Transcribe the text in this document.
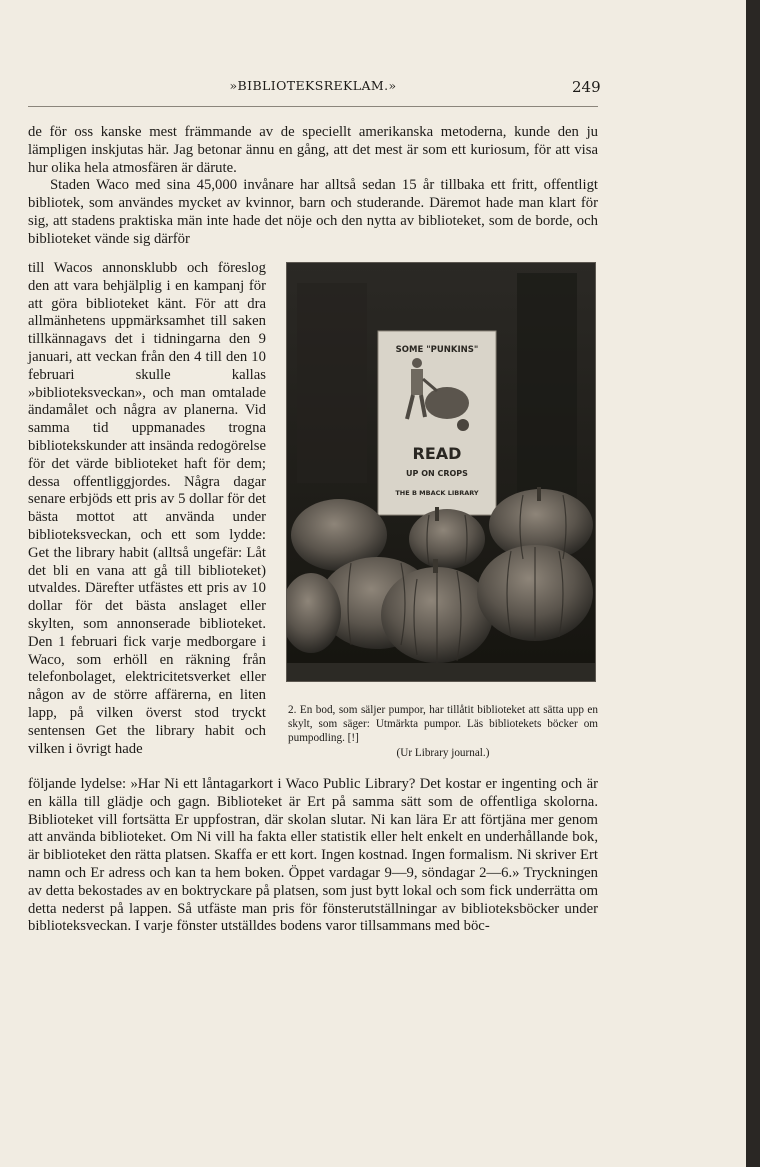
»BIBLIOTEKSREKLAM.»	249

de för oss kanske mest främmande av de speciellt amerikanska metoderna, kunde den ju lämpligen inskjutas här. Jag betonar ännu en gång, att det mest är som ett kuriosum, för att visa hur olika hela atmosfären är därute.

Staden Waco med sina 45,000 invånare har alltså sedan 15 år tillbaka ett fritt, offentligt bibliotek, som användes mycket av kvinnor, barn och studerande. Däremot hade man klart för sig, att stadens praktiska män inte hade det nöje och den nytta av biblioteket, som de borde, och biblioteket vände sig därför

till Wacos annonsklubb och föreslog den att vara behjälplig i en kampanj för att göra biblioteket känt. För att dra allmänhetens uppmärksamhet till saken tillkännagavs det i tidningarna den 9 januari, att veckan från den 4 till den 10 februari skulle kallas »biblioteksveckan», och man omtalade ändamålet och några av planerna. Vid samma tid uppmanades trogna bibliotekskunder att insända redogörelse för det värde biblioteket haft för dem; dessa offentliggjordes. Några dagar senare erbjöds ett pris av 5 dollar för det bästa mottot att använda under biblioteksveckan, och ett som lydde: Get the library habit (alltså ungefär: Låt det bli en vana att gå till biblioteket) utvaldes. Därefter utfästes ett pris av 10 dollar för det bästa anslaget eller skylten, som annonserade biblioteket. Den 1 februari fick varje medborgare i Waco, som erhöll en räkning från telefonbolaget, elektricitetsverket eller någon av de större affärerna, en liten lapp, på vilken överst stod tryckt sentensen Get the library habit och vilken i övrigt hade

SOME "PUNKINS"
READ
UP ON CROPS
THE B MBACK LIBRARY
2. En bod, som säljer pumpor, har tillåtit biblioteket att sätta upp en skylt, som säger: Utmärkta pumpor. Läs bibliotekets böcker om pumpodling. [!]
(Ur Library journal.)

följande lydelse: »Har Ni ett låntagarkort i Waco Public Library? Det kostar er ingenting och är en källa till glädje och gagn. Biblioteket är Ert på samma sätt som de offentliga skolorna. Biblioteket vill fortsätta Er uppfostran, där skolan slutar. Ni kan lära Er att förtjäna mer genom att använda biblioteket. Om Ni vill ha fakta eller statistik eller helt enkelt en underhållande bok, är biblioteket den rätta platsen. Skaffa er ett kort. Ingen kostnad. Ingen formalism. Ni skriver Ert namn och Er adress och kan ta hem boken. Öppet vardagar 9—9, söndagar 2—6.» Tryckningen av detta bekostades av en boktryckare på platsen, som just bytt lokal och som fick underrätta om detta nederst på lappen. Så utfäste man pris för fönsterutställningar av biblioteksböcker under biblioteksveckan. I varje fönster utställdes bodens varor tillsammans med böc-
